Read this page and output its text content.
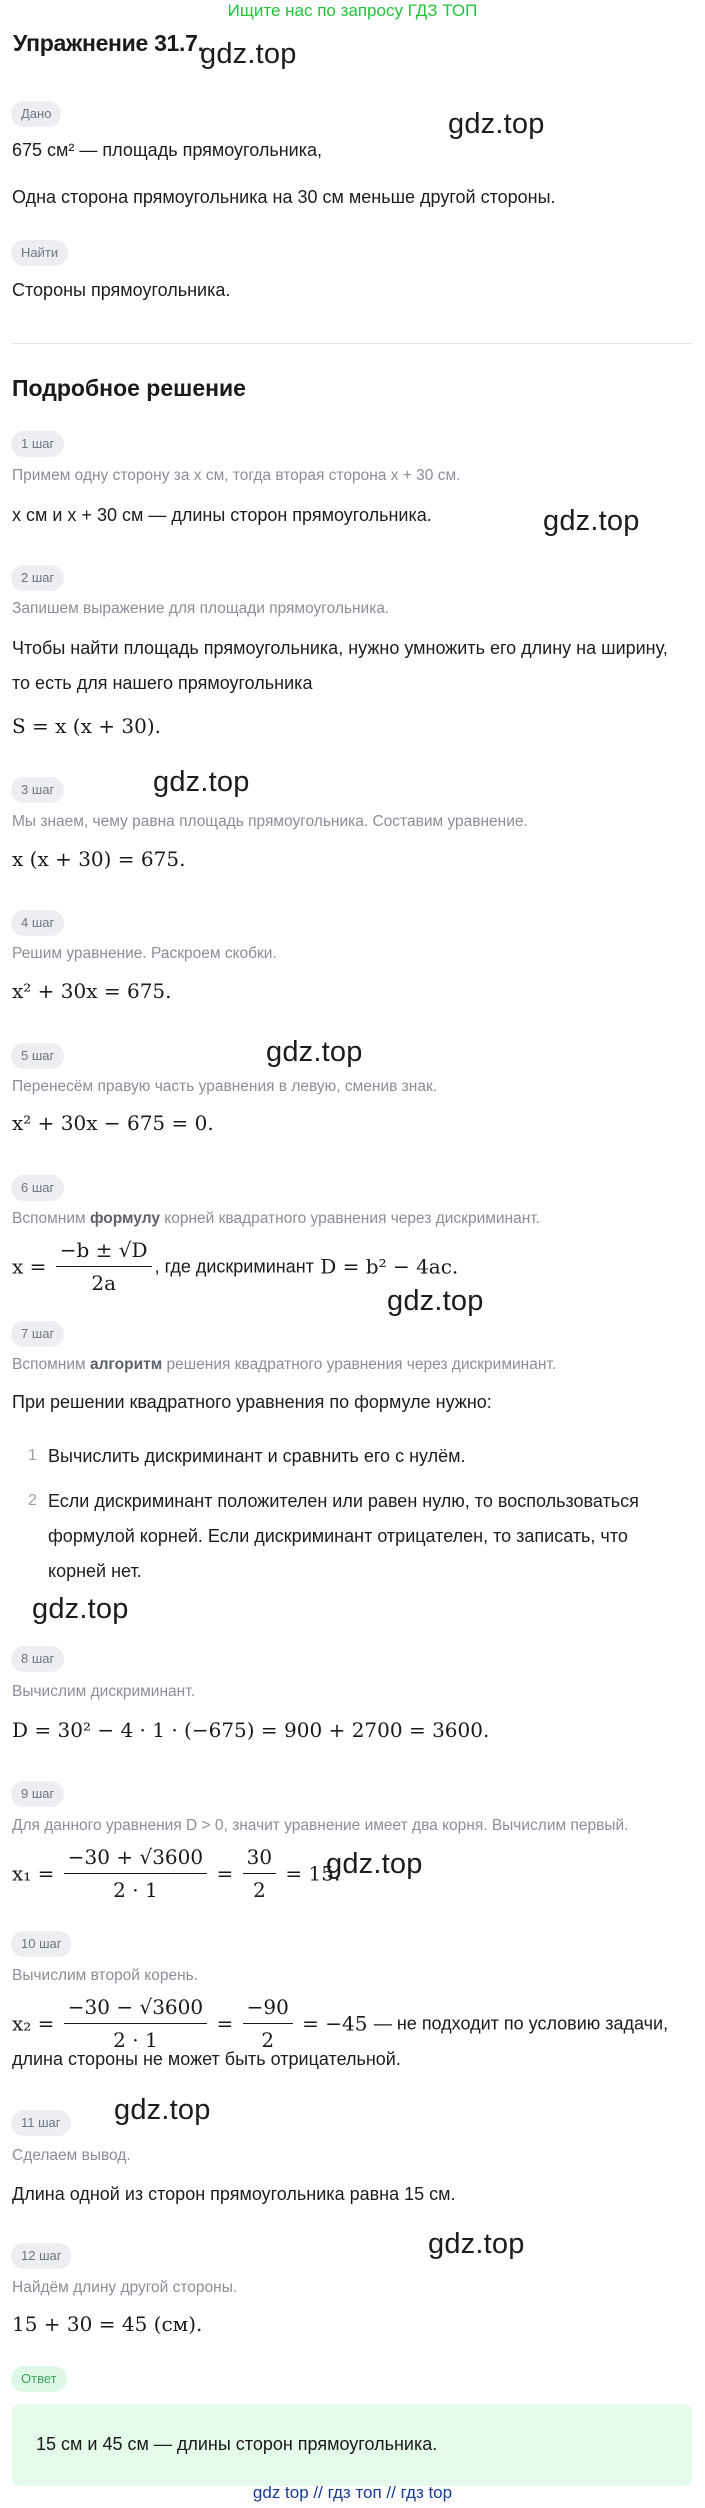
Ищите нас по запросу ГДЗ ТОП
Упражнение 31.7.
gdz.top
gdz.top
gdz.top
gdz.top
gdz.top
gdz.top
gdz.top
gdz.top
gdz.top
gdz.top
Дано
675 см² — площадь прямоугольника,
Одна сторона прямоугольника на 30 см меньше другой стороны.
Найти
Стороны прямоугольника.
Подробное решение
1 шаг
Примем одну сторону за x см, тогда вторая сторона x + 30 см.
x см и x + 30 см — длины сторон прямоугольника.
2 шаг
Запишем выражение для площади прямоугольника.
Чтобы найти площадь прямоугольника, нужно умножить его длину на ширину,
то есть для нашего прямоугольника
S = x (x + 30).
3 шаг
Мы знаем, чему равна площадь прямоугольника. Составим уравнение.
x (x + 30) = 675.
4 шаг
Решим уравнение. Раскроем скобки.
x² + 30x = 675.
5 шаг
Перенесём правую часть уравнения в левую, сменив знак.
x² + 30x − 675 = 0.
6 шаг
Вспомним формулу корней квадратного уравнения через дискриминант.
$x = \frac{-b \pm √D}{2a}$ , где дискриминант D = b² − 4ac.
7 шаг
Вспомним алгоритм решения квадратного уравнения через дискриминант.
При решении квадратного уравнения по формуле нужно:
1 Вычислить дискриминант и сравнить его с нулём.
2 Если дискриминант положителен или равен нулю, то воспользоваться
формулой корней. Если дискриминант отрицателен, то записать, что
корней нет.
8 шаг
Вычислим дискриминант.
D = 30² − 4 · 1 · (−675) = 900 + 2700 = 3600.
9 шаг
Для данного уравнения D > 0, значит уравнение имеет два корня. Вычислим первый.
$x_1 = \frac{-30 + √3600}{2 \cdot 1} = \frac{30}{2} = 15$.
10 шаг
Вычислим второй корень.
$x_2 = \frac{-30 - √3600}{2 \cdot 1} = \frac{-90}{2} = -45$ — не подходит по условию задачи,
длина стороны не может быть отрицательной.
11 шаг
Сделаем вывод.
Длина одной из сторон прямоугольника равна 15 см.
12 шаг
Найдём длину другой стороны.
15 + 30 = 45 (см).
Ответ
15 см и 45 см — длины сторон прямоугольника.
gdz top // гдз топ // гдз top
